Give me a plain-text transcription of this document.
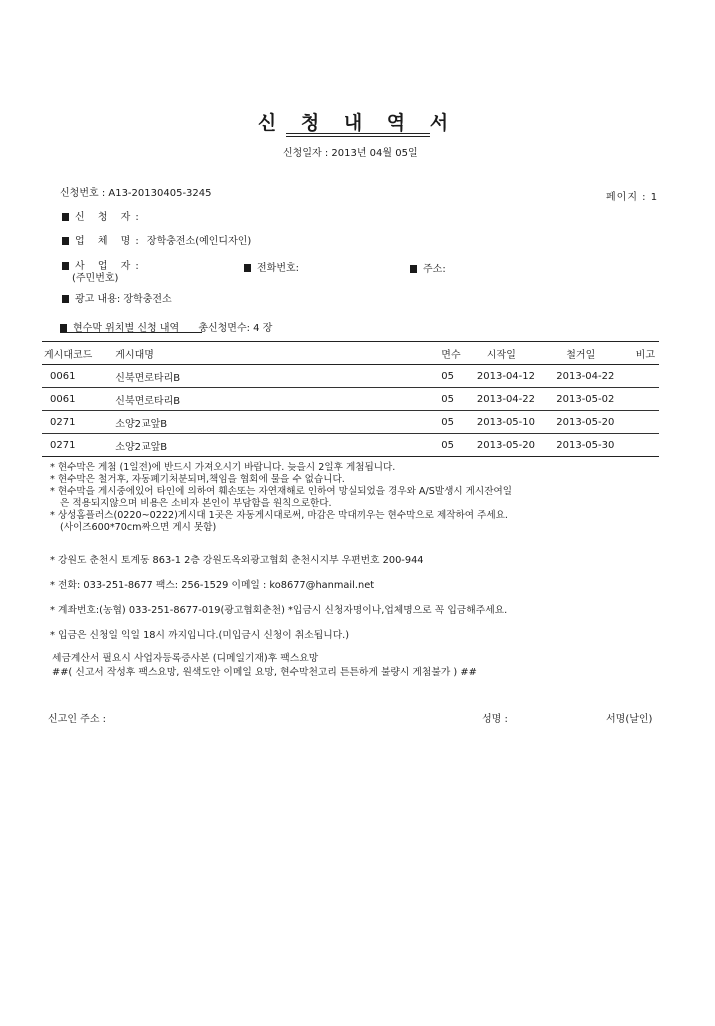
신 청 내 역 서
신청일자 : 2013년 04월 05일
신청번호 : A13-20130405-3245	페이지 : 1
신 청 자:
업 체 명: 장학충전소(예인디자인)
사 업 자:
(주민번호)
전화번호:	주소:
광고 내용: 장학충전소
현수막 위치별 신청 내역 총신청면수: 4 장
게시대코드	게시대명	면수	시작일	철거일	비고
0061	신북면로타리B	05	2013-04-12	2013-04-22	
0061	신북면로타리B	05	2013-04-22	2013-05-02	
0271	소양2교앞B	05	2013-05-10	2013-05-20	
0271	소양2교앞B	05	2013-05-20	2013-05-30	
* 현수막은 게첨 (1일전)에 반드시 가져오시기 바랍니다. 늦을시 2일후 게첨됩니다.
* 현수막은 철거후, 자동폐기처분되며,책임을 협회에 물을 수 없습니다.
* 현수막을 게시중에있어 타인에 의하여 훼손또는 자연재해로 인하여 망실되었을 경우와 A/S발생시 게시잔여일
은 적용되지않으며 비용은 소비자 본인이 부담함을 원칙으로한다.
* 상성홈플러스(0220~0222)게시대 1곳은 자동게시대로써, 마감은 막대끼우는 현수막으로 제작하여 주세요.
(사이즈600*70cm짜으면 게시 못함)
* 강원도 춘천시 토계동 863-1 2층 강원도옥외광고협회 춘천시지부 우편번호 200-944
* 전화: 033-251-8677 팩스: 256-1529 이메일 : ko8677@hanmail.net
* 계좌번호:(농협) 033-251-8677-019(광고협회춘천) *입금시 신청자명이나,업체명으로 꼭 입금해주세요.
* 입금은 신청일 익일 18시 까지입니다.(미입금시 신청이 취소됩니다.)
세금계산서 필요시 사업자등록증사본 (디메일기재)후 팩스요망
##( 신고서 작성후 팩스요망, 원색도안 이메일 요망, 현수막천고리 튼튼하게 불량시 게첨불가 ) ##
신고인 주소 :	성명 :	서명(날인)
